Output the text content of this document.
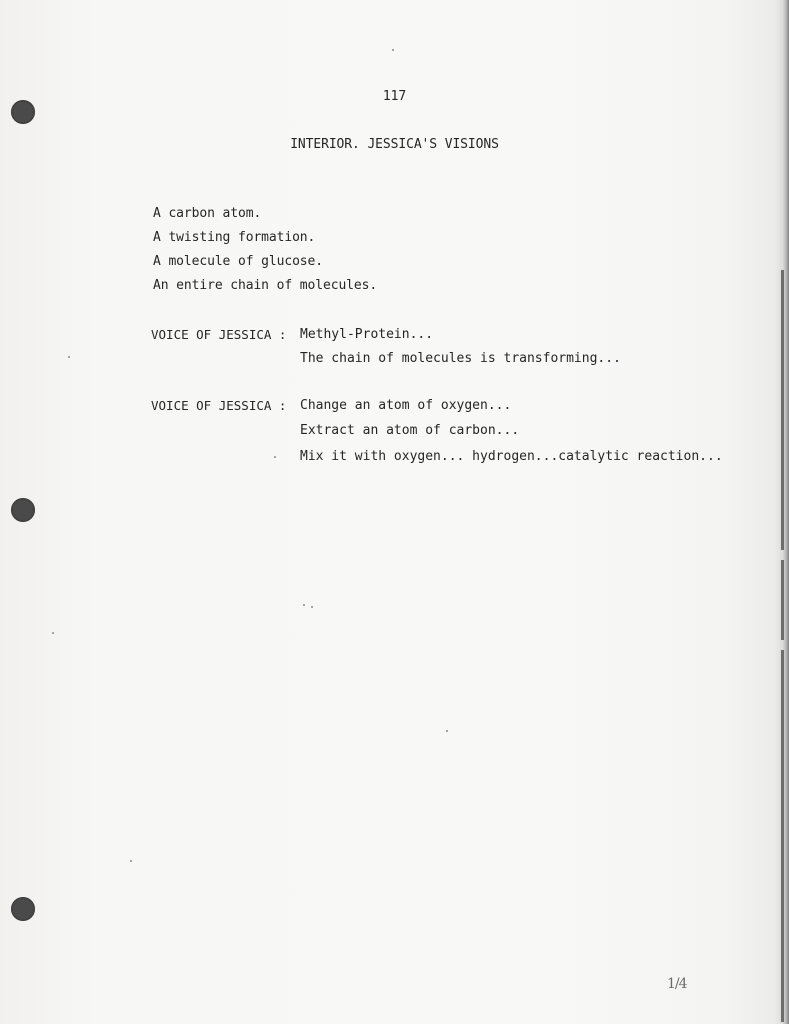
117
INTERIOR. JESSICA'S VISIONS
A carbon atom.
A twisting formation.
A molecule of glucose.
An entire chain of molecules.
VOICE OF JESSICA :	Methyl-Protein...
The chain of molecules is transforming...
VOICE OF JESSICA :	Change an atom of oxygen...
Extract an atom of carbon...
Mix it with oxygen... hydrogen...catalytic reaction...
1/4
